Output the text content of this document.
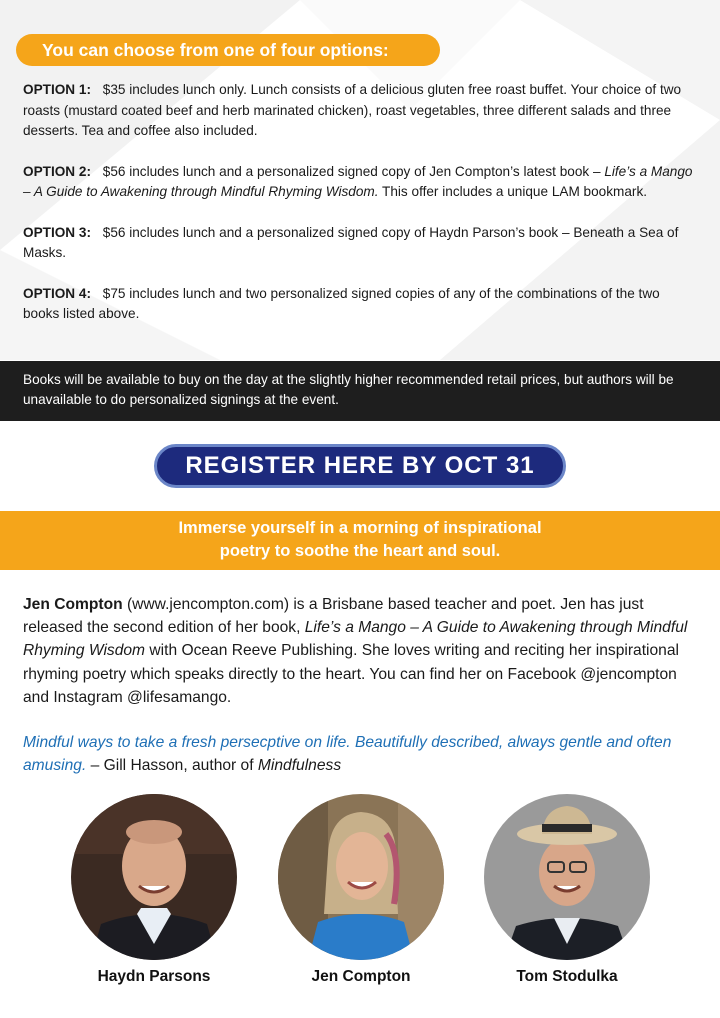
You can choose from one of four options:

OPTION 1: $35 includes lunch only. Lunch consists of a delicious gluten free roast buffet. Your choice of two roasts (mustard coated beef and herb marinated chicken), roast vegetables, three different salads and three desserts. Tea and coffee also included.

OPTION 2: $56 includes lunch and a personalized signed copy of Jen Compton’s latest book – Life’s a Mango – A Guide to Awakening through Mindful Rhyming Wisdom. This offer includes a unique LAM bookmark.

OPTION 3: $56 includes lunch and a personalized signed copy of Haydn Parson’s book – Beneath a Sea of Masks.

OPTION 4: $75 includes lunch and two personalized signed copies of any of the combinations of the two books listed above.

Books will be available to buy on the day at the slightly higher recommended retail prices, but authors will be unavailable to do personalized signings at the event.
REGISTER HERE BY OCT 31
Immerse yourself in a morning of inspirational
poetry to soothe the heart and soul.

Jen Compton (www.jencompton.com) is a Brisbane based teacher and poet. Jen has just released the second edition of her book, Life’s a Mango – A Guide to Awakening through Mindful Rhyming Wisdom with Ocean Reeve Publishing. She loves writing and reciting her inspirational rhyming poetry which speaks directly to the heart. You can find her on Facebook @jencompton and Instagram @lifesamango.

Mindful ways to take a fresh persecptive on life. Beautifully described, always gentle and often amusing. – Gill Hasson, author of Mindfulness

Haydn Parsons	Jen Compton	Tom Stodulka
